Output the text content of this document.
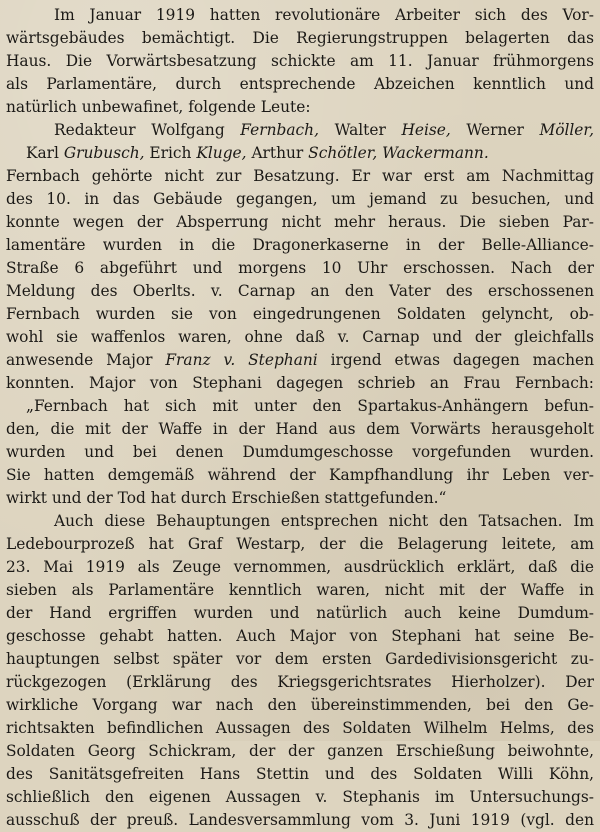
Im Januar 1919 hatten revolutionäre Arbeiter sich des Vor-
wärtsgebäudes bemächtigt. Die Regierungstruppen belagerten das
Haus. Die Vorwärtsbesatzung schickte am 11. Januar frühmorgens
als Parlamentäre, durch entsprechende Abzeichen kenntlich und
natürlich unbewafinet, folgende Leute:
Redakteur Wolfgang Fernbach, Walter Heise, Werner Möller,
Karl Grubusch, Erich Kluge, Arthur Schötler, Wackermann.
Fernbach gehörte nicht zur Besatzung. Er war erst am Nachmittag
des 10. in das Gebäude gegangen, um jemand zu besuchen, und
konnte wegen der Absperrung nicht mehr heraus. Die sieben Par-
lamentäre wurden in die Dragonerkaserne in der Belle-Alliance-
Straße 6 abgeführt und morgens 10 Uhr erschossen. Nach der
Meldung des Oberlts. v. Carnap an den Vater des erschossenen
Fernbach wurden sie von eingedrungenen Soldaten gelyncht, ob-
wohl sie waffenlos waren, ohne daß v. Carnap und der gleichfalls
anwesende Major Franz v. Stephani irgend etwas dagegen machen
konnten. Major von Stephani dagegen schrieb an Frau Fernbach:
„Fernbach hat sich mit unter den Spartakus-Anhängern befun-
den, die mit der Waffe in der Hand aus dem Vorwärts herausgeholt
wurden und bei denen Dumdumgeschosse vorgefunden wurden.
Sie hatten demgemäß während der Kampfhandlung ihr Leben ver-
wirkt und der Tod hat durch Erschießen stattgefunden.“
Auch diese Behauptungen entsprechen nicht den Tatsachen. Im
Ledebourprozeß hat Graf Westarp, der die Belagerung leitete, am
23. Mai 1919 als Zeuge vernommen, ausdrücklich erklärt, daß die
sieben als Parlamentäre kenntlich waren, nicht mit der Waffe in
der Hand ergriffen wurden und natürlich auch keine Dumdum-
geschosse gehabt hatten. Auch Major von Stephani hat seine Be-
hauptungen selbst später vor dem ersten Gardedivisionsgericht zu-
rückgezogen (Erklärung des Kriegsgerichtsrates Hierholzer). Der
wirkliche Vorgang war nach den übereinstimmenden, bei den Ge-
richtsakten befindlichen Aussagen des Soldaten Wilhelm Helms, des
Soldaten Georg Schickram, der der ganzen Erschießung beiwohnte,
des Sanitätsgefreiten Hans Stettin und des Soldaten Willi Köhn,
schließlich den eigenen Aussagen v. Stephanis im Untersuchungs-
ausschuß der preuß. Landesversammlung vom 3. Juni 1919 (vgl. den
